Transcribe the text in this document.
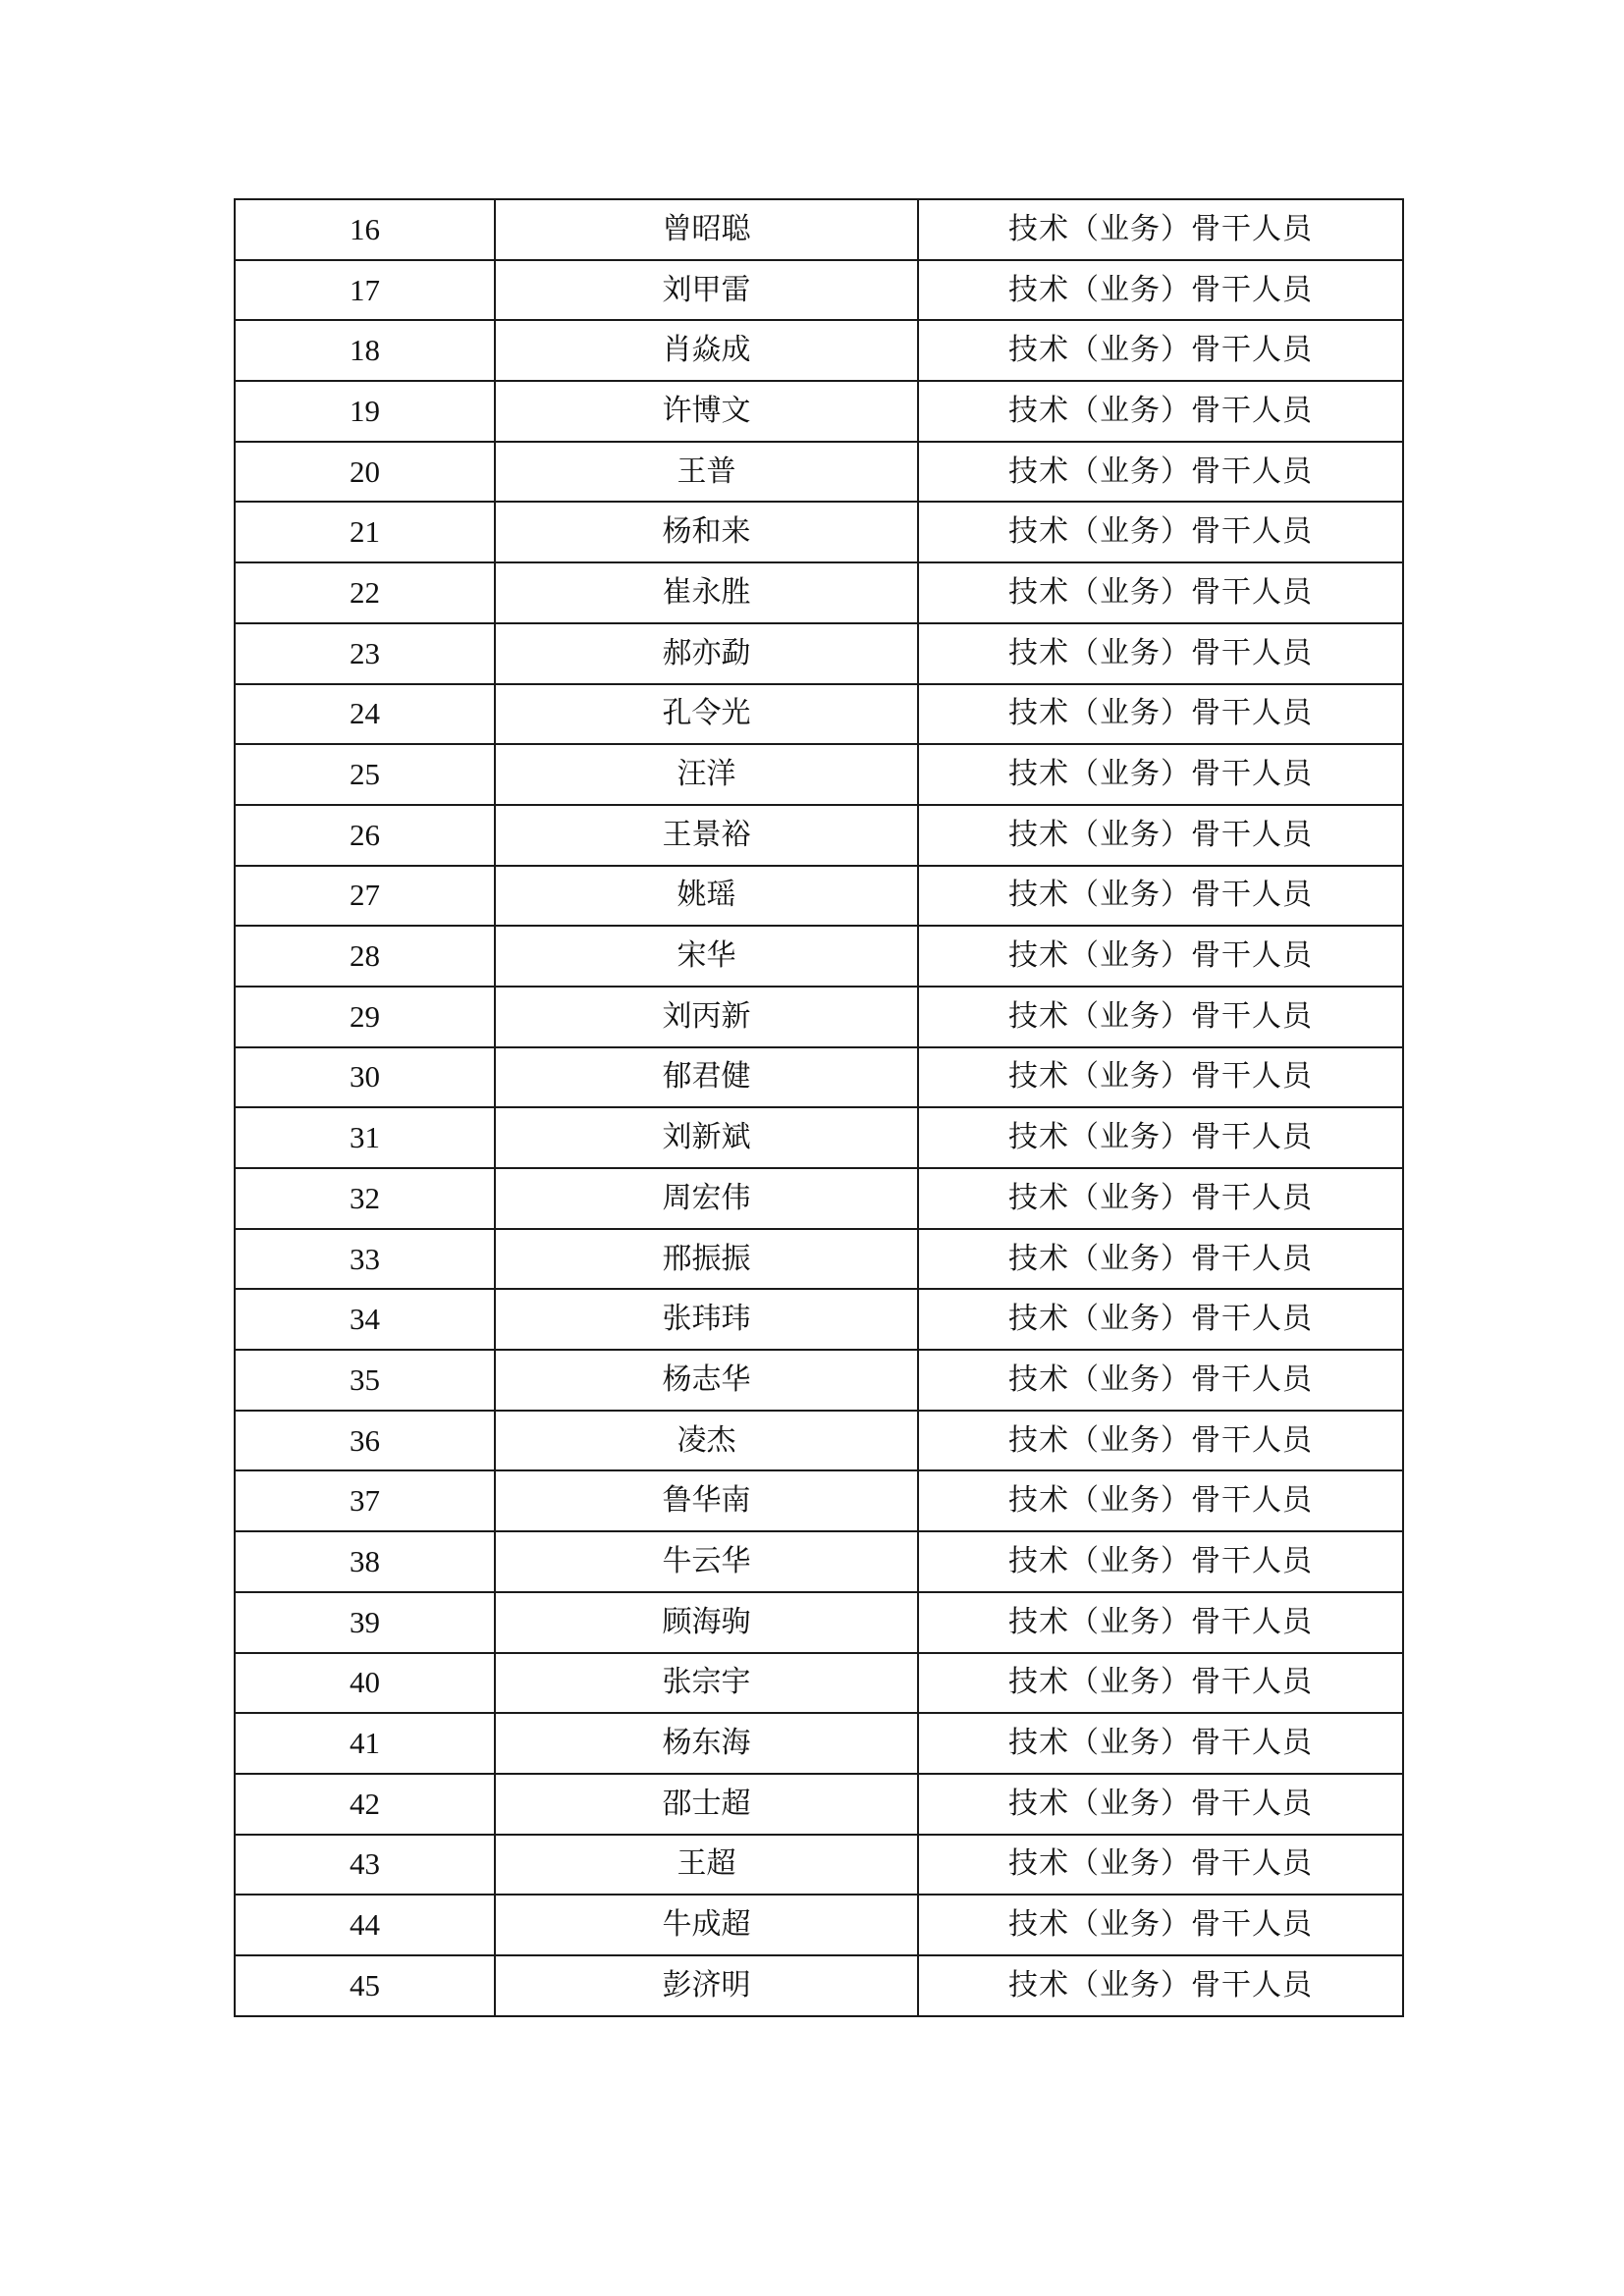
16	曾昭聪	技术（业务）骨干人员
17	刘甲雷	技术（业务）骨干人员
18	肖焱成	技术（业务）骨干人员
19	许博文	技术（业务）骨干人员
20	王普	技术（业务）骨干人员
21	杨和来	技术（业务）骨干人员
22	崔永胜	技术（业务）骨干人员
23	郝亦勐	技术（业务）骨干人员
24	孔令光	技术（业务）骨干人员
25	汪洋	技术（业务）骨干人员
26	王景裕	技术（业务）骨干人员
27	姚瑶	技术（业务）骨干人员
28	宋华	技术（业务）骨干人员
29	刘丙新	技术（业务）骨干人员
30	郁君健	技术（业务）骨干人员
31	刘新斌	技术（业务）骨干人员
32	周宏伟	技术（业务）骨干人员
33	邢振振	技术（业务）骨干人员
34	张玮玮	技术（业务）骨干人员
35	杨志华	技术（业务）骨干人员
36	凌杰	技术（业务）骨干人员
37	鲁华南	技术（业务）骨干人员
38	牛云华	技术（业务）骨干人员
39	顾海驹	技术（业务）骨干人员
40	张宗宇	技术（业务）骨干人员
41	杨东海	技术（业务）骨干人员
42	邵士超	技术（业务）骨干人员
43	王超	技术（业务）骨干人员
44	牛成超	技术（业务）骨干人员
45	彭济明	技术（业务）骨干人员
